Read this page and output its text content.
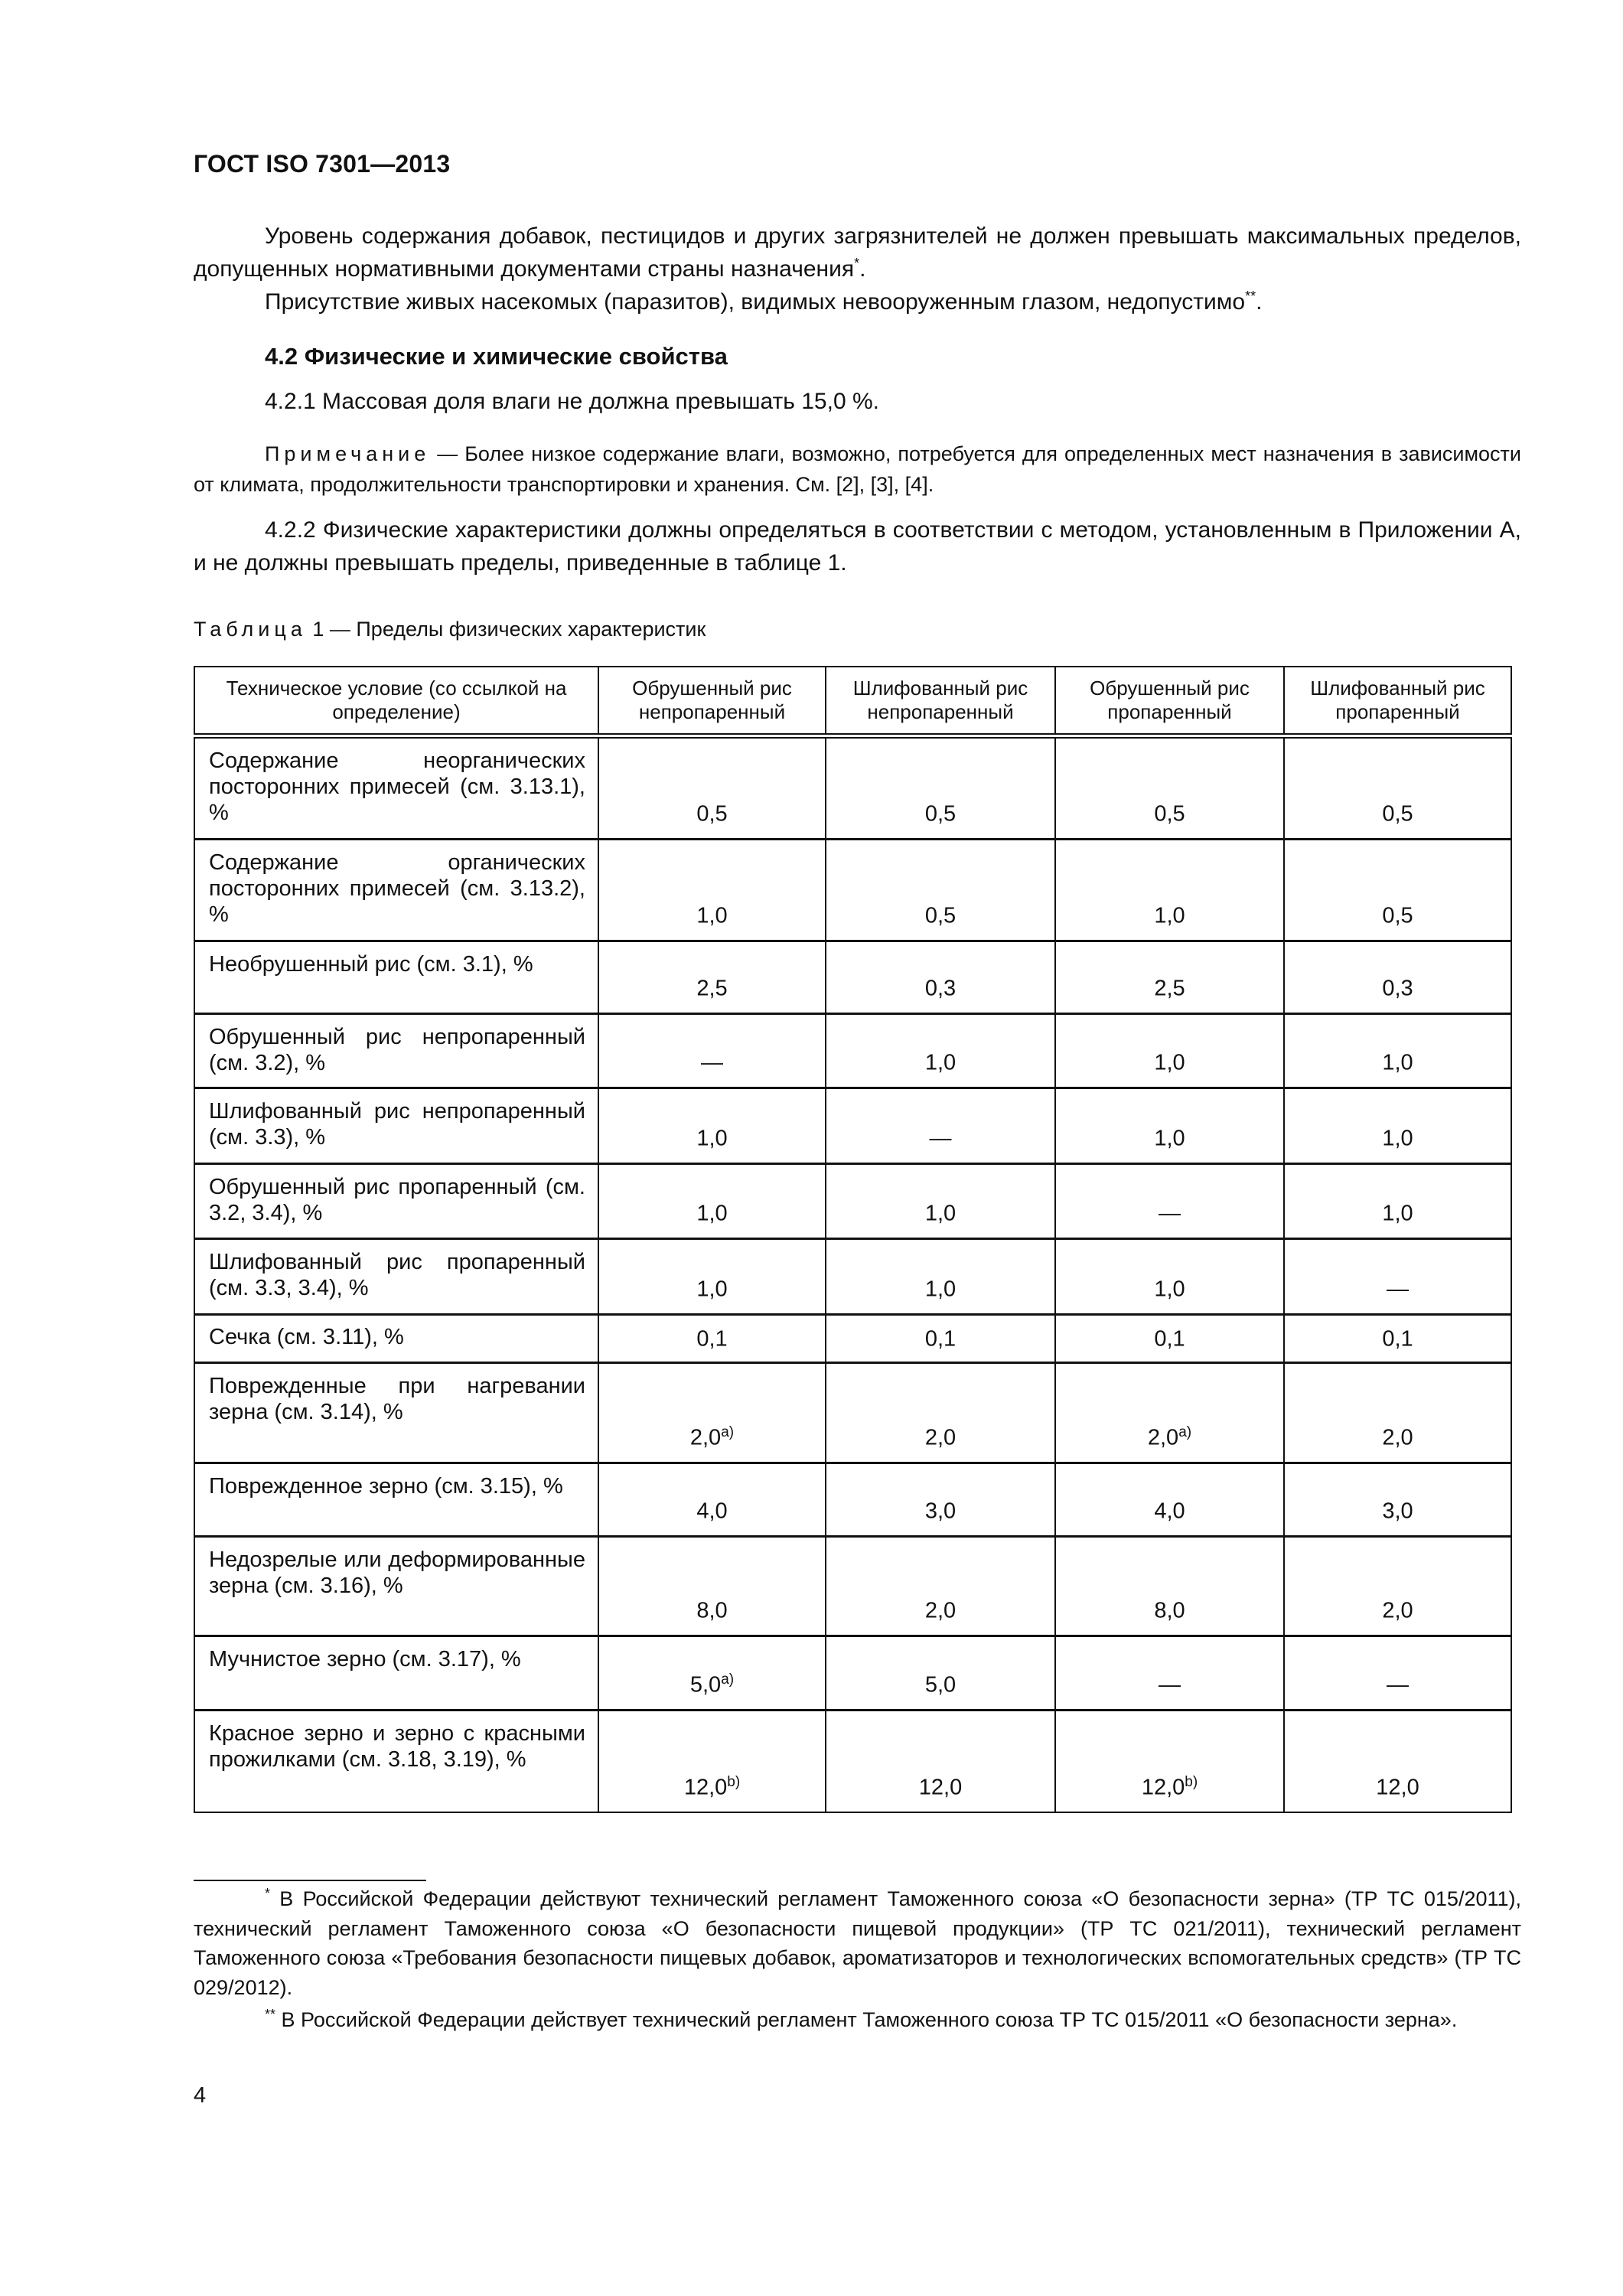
ГОСТ ISO 7301—2013

Уровень содержания добавок, пестицидов и других загрязнителей не должен превышать максимальных пределов, допущенных нормативными документами страны назначения*.

Присутствие живых насекомых (паразитов), видимых невооруженным глазом, недопустимо**.

4.2 Физические и химические свойства

4.2.1 Массовая доля влаги не должна превышать 15,0 %.

Примечание — Более низкое содержание влаги, возможно, потребуется для определенных мест назначения в зависимости от климата, продолжительности транспортировки и хранения. См. [2], [3], [4].

4.2.2 Физические характеристики должны определяться в соответствии с методом, установленным в Приложении А, и не должны превышать пределы, приведенные в таблице 1.

Таблица 1 — Пределы физических характеристик
Техническое условие (со ссылкой на определение)	Обрушенный рис непропаренный	Шлифованный рис непропаренный	Обрушенный рис пропаренный	Шлифованный рис пропаренный
Содержание неорганических посторонних примесей (см. 3.13.1), %	0,5	0,5	0,5	0,5
Содержание органических посторонних примесей (см. 3.13.2), %	1,0	0,5	1,0	0,5
Необрушенный рис (см. 3.1), %	2,5	0,3	2,5	0,3
Обрушенный рис непропаренный (см. 3.2), %	—	1,0	1,0	1,0
Шлифованный рис непропаренный (см. 3.3), %	1,0	—	1,0	1,0
Обрушенный рис пропаренный (см. 3.2, 3.4), %	1,0	1,0	—	1,0
Шлифованный рис пропаренный (см. 3.3, 3.4), %	1,0	1,0	1,0	—
Сечка (см. 3.11), %	0,1	0,1	0,1	0,1
Поврежденные при нагревании зерна (см. 3.14), %	2,0$^{a)}$	2,0	2,0$^{a)}$	2,0
Поврежденное зерно (см. 3.15), %	4,0	3,0	4,0	3,0
Недозрелые или деформированные зерна (см. 3.16), %	8,0	2,0	8,0	2,0
Мучнистое зерно (см. 3.17), %	5,0$^{a)}$	5,0	—	—
Красное зерно и зерно с красными прожилками (см. 3.18, 3.19), %	12,0$^{b)}$	12,0	12,0$^{b)}$	12,0

* В Российской Федерации действуют технический регламент Таможенного союза «О безопасности зерна» (ТР ТС 015/2011), технический регламент Таможенного союза «О безопасности пищевой продукции» (ТР ТС 021/2011), технический регламент Таможенного союза «Требования безопасности пищевых добавок, ароматизаторов и технологических вспомогательных средств» (ТР ТС 029/2012).

** В Российской Федерации действует технический регламент Таможенного союза ТР ТС 015/2011 «О безопасности зерна».

4
